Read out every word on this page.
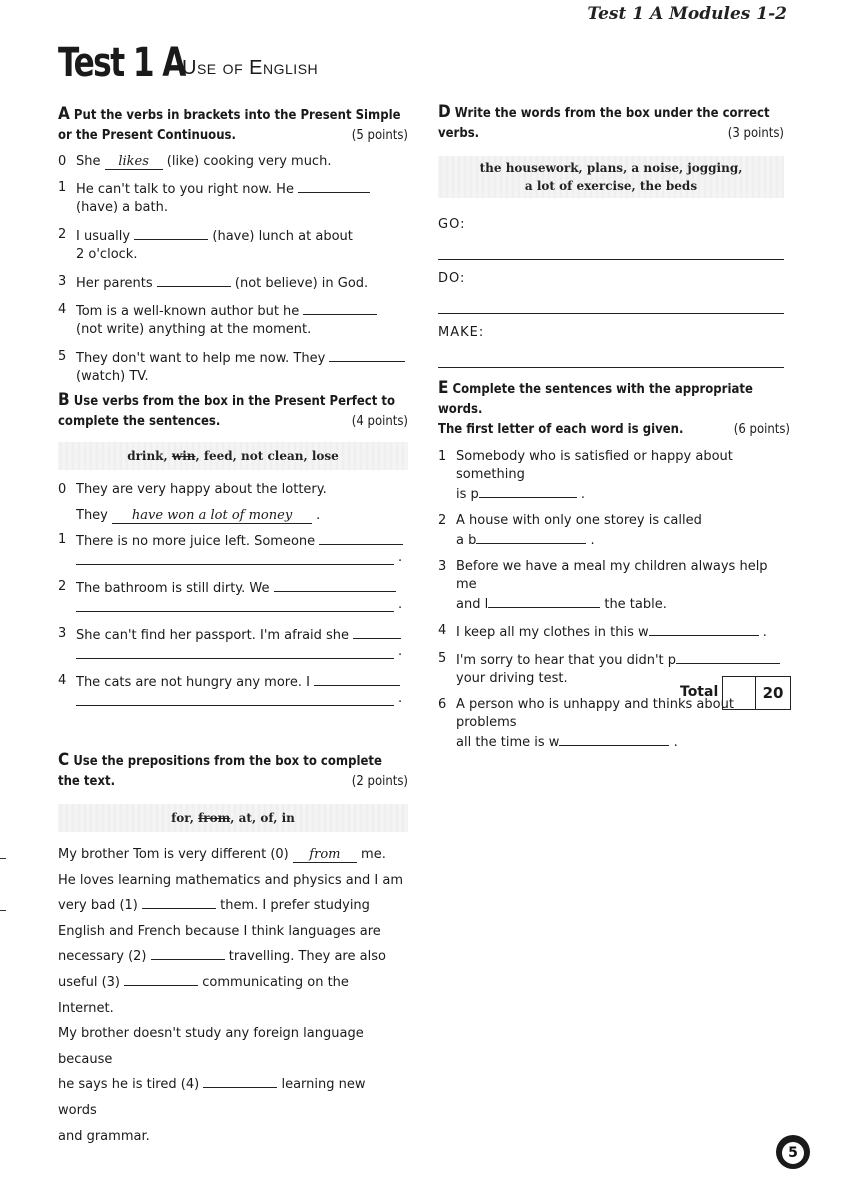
Test 1 A Modules 1-2
Test 1 A
Use of English
A Put the verbs in brackets into the Present Simple
or the Present Continuous.	(5 points)
0 She likes (like) cooking very much.
1 He can't talk to you right now. He
(have) a bath.
2 I usually	(have) lunch at about
2 o'clock.
3 Her parents	(not believe) in God.
4 Tom is a well-known author but he
(not write) anything at the moment.
5 They don't want to help me now. They
(watch) TV.
B Use verbs from the box in the Present Perfect to
complete the sentences.	(4 points)
drink, win, feed, not clean, lose
0 They are very happy about the lottery.
They have won a lot of money .
1 There is no more juice left. Someone
.
2 The bathroom is still dirty. We
.
3 She can't find her passport. I'm afraid she
.
4 The cats are not hungry any more. I
.
C Use the prepositions from the box to complete
the text.	(2 points)
for, from, at, of, in
My brother Tom is very different (0) from me.
He loves learning mathematics and physics and I am
very bad (1)	them. I prefer studying
English and French because I think languages are
necessary (2)	travelling. They are also
useful (3)	communicating on the Internet.
My brother doesn't study any foreign language because
he says he is tired (4)	learning new words
and grammar.
D Write the words from the box under the correct
verbs.	(3 points)
the housework, plans, a noise, jogging,
a lot of exercise, the beds
GO:
DO:
MAKE:
E Complete the sentences with the appropriate words.
The first letter of each word is given.	(6 points)
1 Somebody who is satisfied or happy about something
is p	.
2 A house with only one storey is called
a b	.
3 Before we have a meal my children always help me
and l	the table.
4 I keep all my clothes in this w	.
5 I'm sorry to hear that you didn't p
your driving test.
6 A person who is unhappy and thinks about problems
all the time is w	.
Total	20
5
